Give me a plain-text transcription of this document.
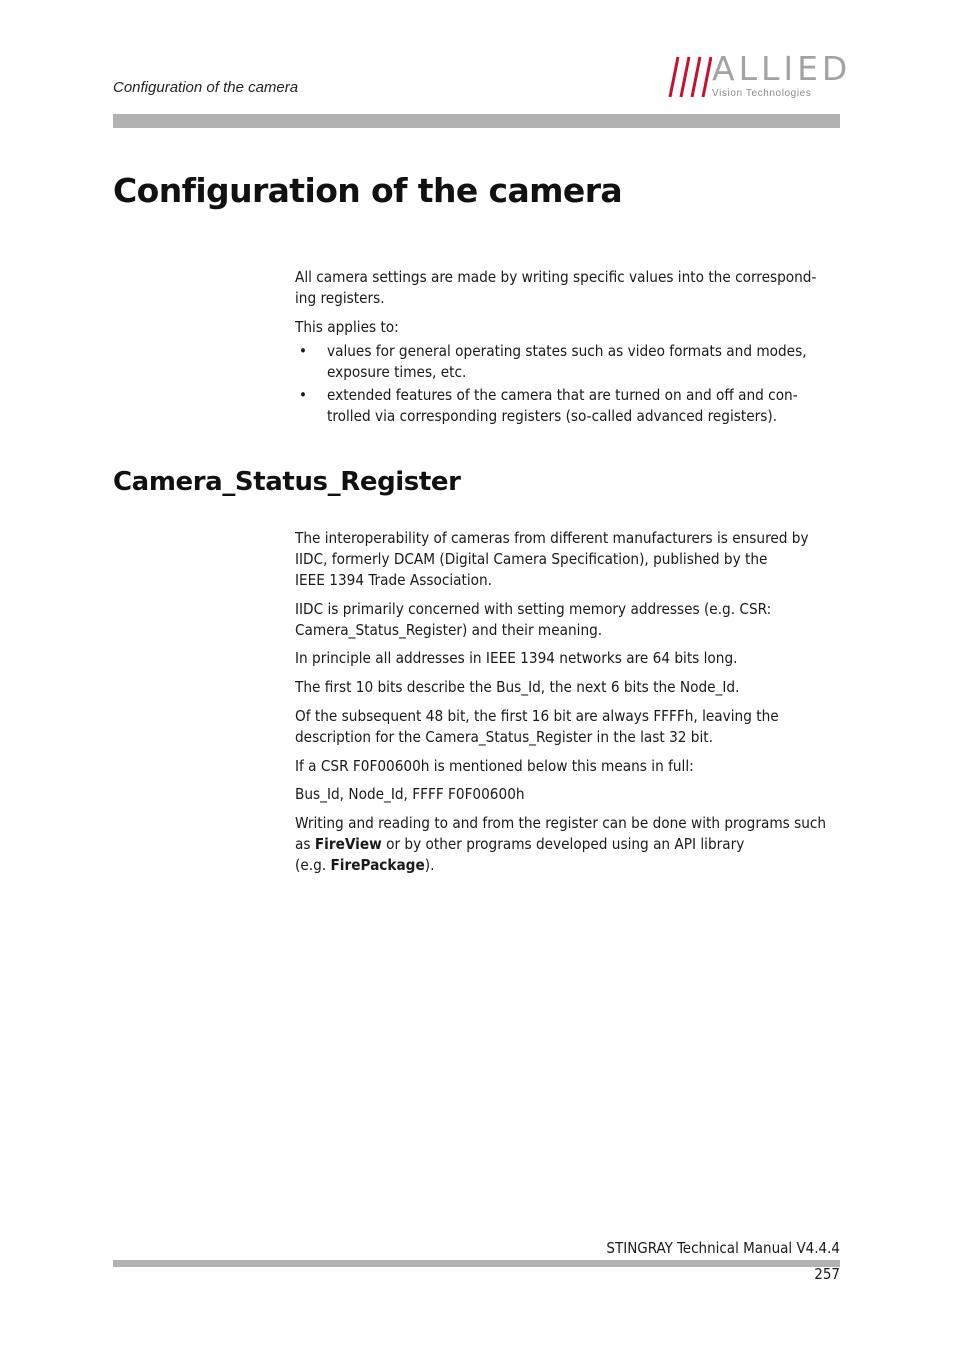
Configuration of the camera	ALLIED
Vision Technologies
Configuration of the camera
All camera settings are made by writing specific values into the correspond-
ing registers.
This applies to:
• values for general operating states such as video formats and modes,
exposure times, etc.
• extended features of the camera that are turned on and off and con-
trolled via corresponding registers (so-called advanced registers).
Camera_Status_Register
The interoperability of cameras from different manufacturers is ensured by
IIDC, formerly DCAM (Digital Camera Specification), published by the
IEEE 1394 Trade Association.
IIDC is primarily concerned with setting memory addresses (e.g. CSR:
Camera_Status_Register) and their meaning.
In principle all addresses in IEEE 1394 networks are 64 bits long.
The first 10 bits describe the Bus_Id, the next 6 bits the Node_Id.
Of the subsequent 48 bit, the first 16 bit are always FFFFh, leaving the
description for the Camera_Status_Register in the last 32 bit.
If a CSR F0F00600h is mentioned below this means in full:
Bus_Id, Node_Id, FFFF F0F00600h
Writing and reading to and from the register can be done with programs such
as FireView or by other programs developed using an API library
(e.g. FirePackage).
STINGRAY Technical Manual V4.4.4
257
